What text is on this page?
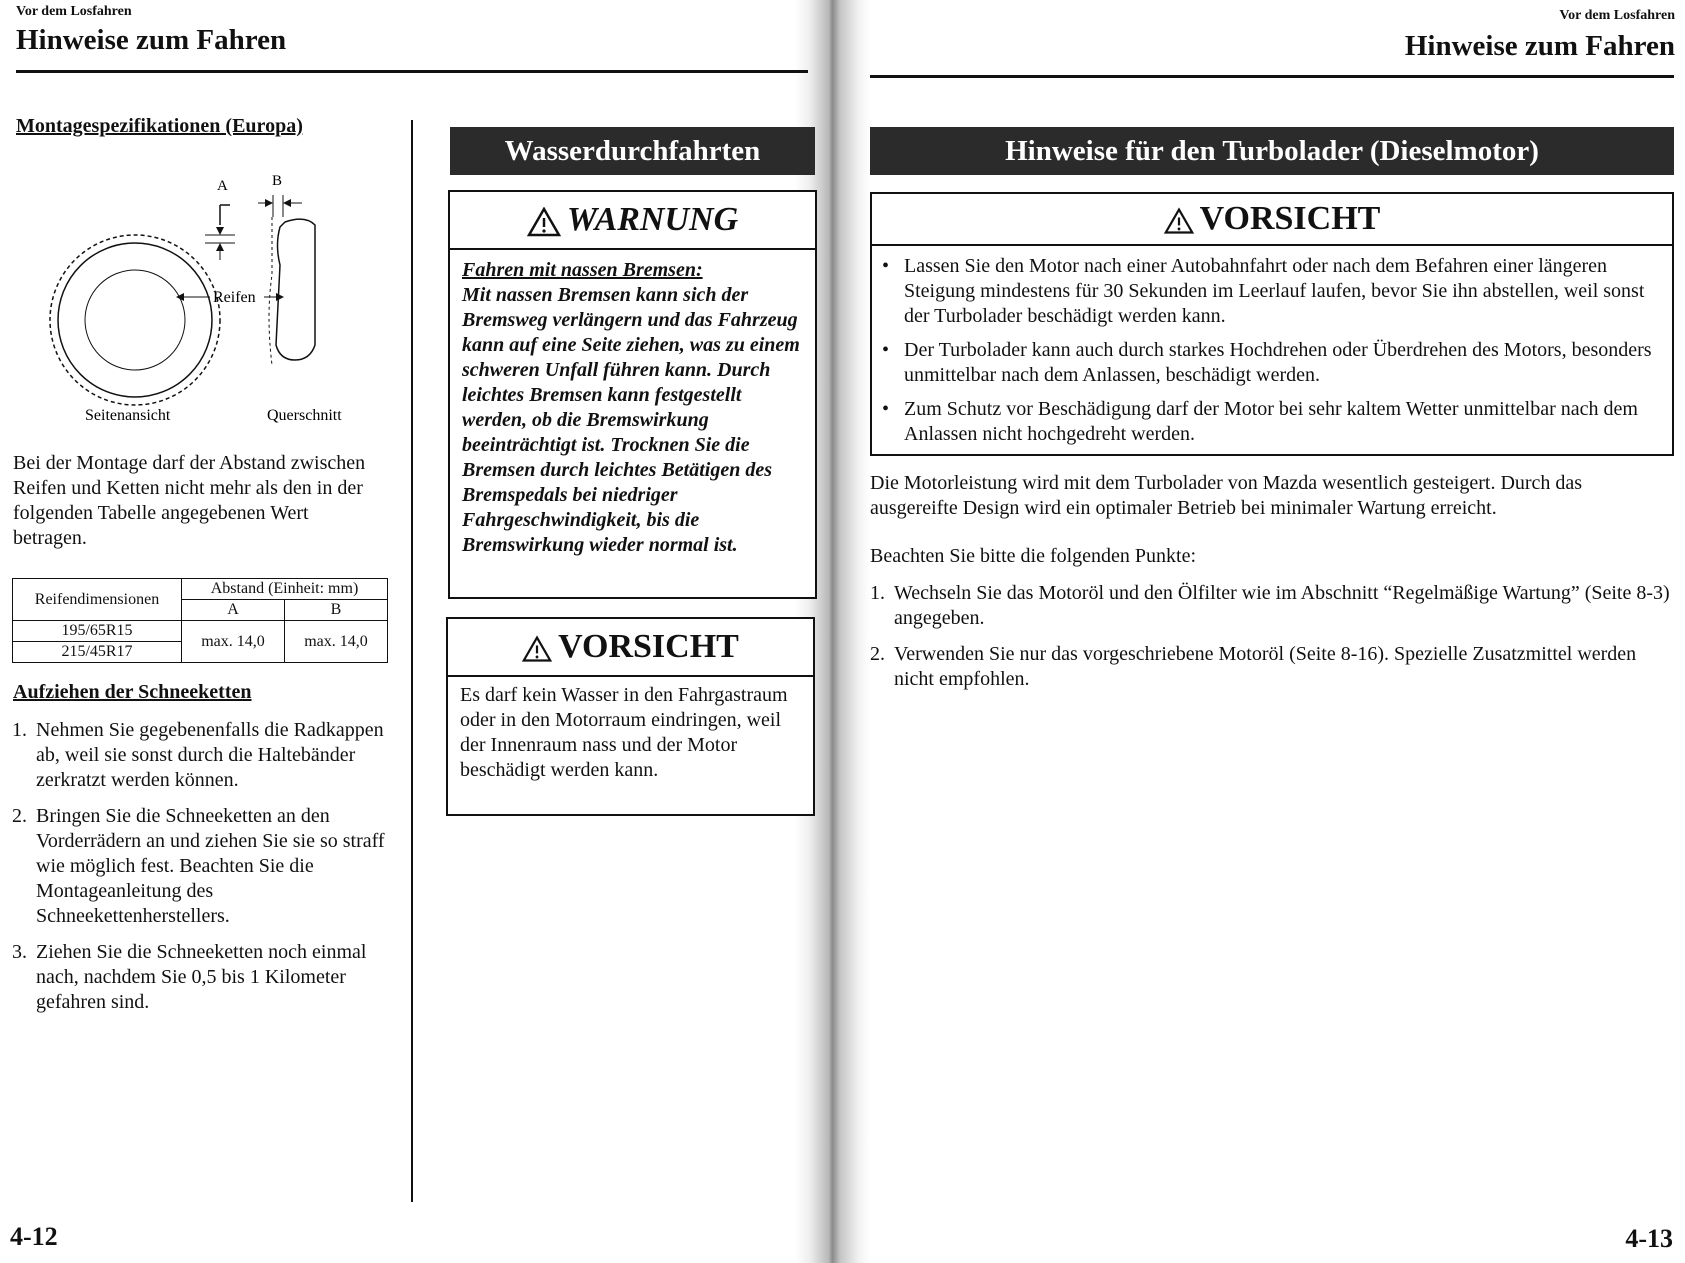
Vor dem Losfahren
Hinweise zum Fahren
Montagespezifikationen (Europa)
A	B
Reifen
Seitenansicht	Querschnitt
Bei der Montage darf der Abstand zwischen Reifen und Ketten nicht mehr als den in der folgenden Tabelle angegebenen Wert betragen.
Reifendimensionen	Abstand (Einheit: mm)	
	A	B
195/65R15	max. 14,0	max. 14,0
215/45R17		
Aufziehen der Schneeketten
1. Nehmen Sie gegebenenfalls die Radkappen ab, weil sie sonst durch die Haltebänder zerkratzt werden können.
2. Bringen Sie die Schneeketten an den Vorderrädern an und ziehen Sie sie so straff wie möglich fest. Beachten Sie die Montageanleitung des Schneekettenherstellers.
3. Ziehen Sie die Schneeketten noch einmal nach, nachdem Sie 0,5 bis 1 Kilometer gefahren sind.
Wasserdurchfahrten
WARNUNG
Fahren mit nassen Bremsen:
Mit nassen Bremsen kann sich der Bremsweg verlängern und das Fahrzeug kann auf eine Seite ziehen, was zu einem schweren Unfall führen kann. Durch leichtes Bremsen kann festgestellt werden, ob die Bremswirkung beeinträchtigt ist. Trocknen Sie die Bremsen durch leichtes Betätigen des Bremspedals bei niedriger Fahrgeschwindigkeit, bis die Bremswirkung wieder normal ist.
VORSICHT
Es darf kein Wasser in den Fahrgastraum oder in den Motorraum eindringen, weil der Innenraum nass und der Motor beschädigt werden kann.
4-12
Vor dem Losfahren
Hinweise zum Fahren
Hinweise für den Turbolader (Dieselmotor)
VORSICHT
• Lassen Sie den Motor nach einer Autobahnfahrt oder nach dem Befahren einer längeren Steigung mindestens für 30 Sekunden im Leerlauf laufen, bevor Sie ihn abstellen, weil sonst der Turbolader beschädigt werden kann.
• Der Turbolader kann auch durch starkes Hochdrehen oder Überdrehen des Motors, besonders unmittelbar nach dem Anlassen, beschädigt werden.
• Zum Schutz vor Beschädigung darf der Motor bei sehr kaltem Wetter unmittelbar nach dem Anlassen nicht hochgedreht werden.
Die Motorleistung wird mit dem Turbolader von Mazda wesentlich gesteigert. Durch das ausgereifte Design wird ein optimaler Betrieb bei minimaler Wartung erreicht.
Beachten Sie bitte die folgenden Punkte:
1. Wechseln Sie das Motoröl und den Ölfilter wie im Abschnitt “Regelmäßige Wartung” (Seite 8-3) angegeben.
2. Verwenden Sie nur das vorgeschriebene Motoröl (Seite 8-16). Spezielle Zusatzmittel werden nicht empfohlen.
4-13
